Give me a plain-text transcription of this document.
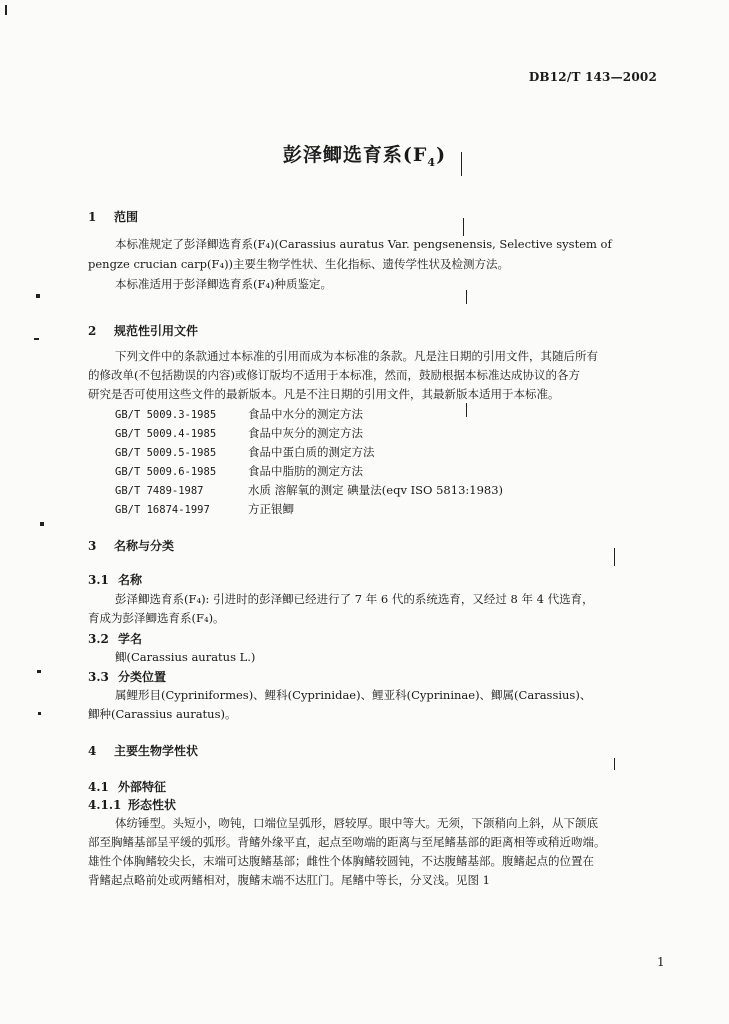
DB12/T 143—2002
彭泽鲫选育系$(F_4)$
1 范围
本标准规定了彭泽鲫选育系(F₄)(Carassius auratus Var. pengsenensis, Selective system of
pengze crucian carp(F₄))主要生物学性状、生化指标、遗传学性状及检测方法。
本标准适用于彭泽鲫选育系(F₄)种质鉴定。
2 规范性引用文件
下列文件中的条款通过本标准的引用而成为本标准的条款。凡是注日期的引用文件，其随后所有
的修改单(不包括勘误的内容)或修订版均不适用于本标准，然而，鼓励根据本标准达成协议的各方
研究是否可使用这些文件的最新版本。凡是不注日期的引用文件，其最新版本适用于本标准。
GB/T 5009.3-1985	食品中水分的测定方法
GB/T 5009.4-1985	食品中灰分的测定方法
GB/T 5009.5-1985	食品中蛋白质的测定方法
GB/T 5009.6-1985	食品中脂肪的测定方法
GB/T 7489-1987	水质 溶解氧的测定 碘量法(eqv ISO 5813:1983)
GB/T 16874-1997	方正银鲫
3 名称与分类
3.1 名称
彭泽鲫选育系(F₄): 引进时的彭泽鲫已经进行了 7 年 6 代的系统选育，又经过 8 年 4 代选育，
育成为彭泽鲫选育系(F₄)。
3.2 学名
鲫(Carassius auratus L.)
3.3 分类位置
属鲤形目(Cypriniformes)、鲤科(Cyprinidae)、鲤亚科(Cyprininae)、鲫属(Carassius)、
鲫种(Carassius auratus)。
4 主要生物学性状
4.1 外部特征
4.1.1 形态性状
体纺锤型。头短小，吻钝，口端位呈弧形，唇较厚。眼中等大。无须，下颌稍向上斜，从下颌底
部至胸鳍基部呈平缓的弧形。背鳍外缘平直，起点至吻端的距离与至尾鳍基部的距离相等或稍近吻端。
雄性个体胸鳍较尖长，末端可达腹鳍基部；雌性个体胸鳍较圆钝，不达腹鳍基部。腹鳍起点的位置在
背鳍起点略前处或两鳍相对，腹鳍末端不达肛门。尾鳍中等长，分叉浅。见图 1
1
